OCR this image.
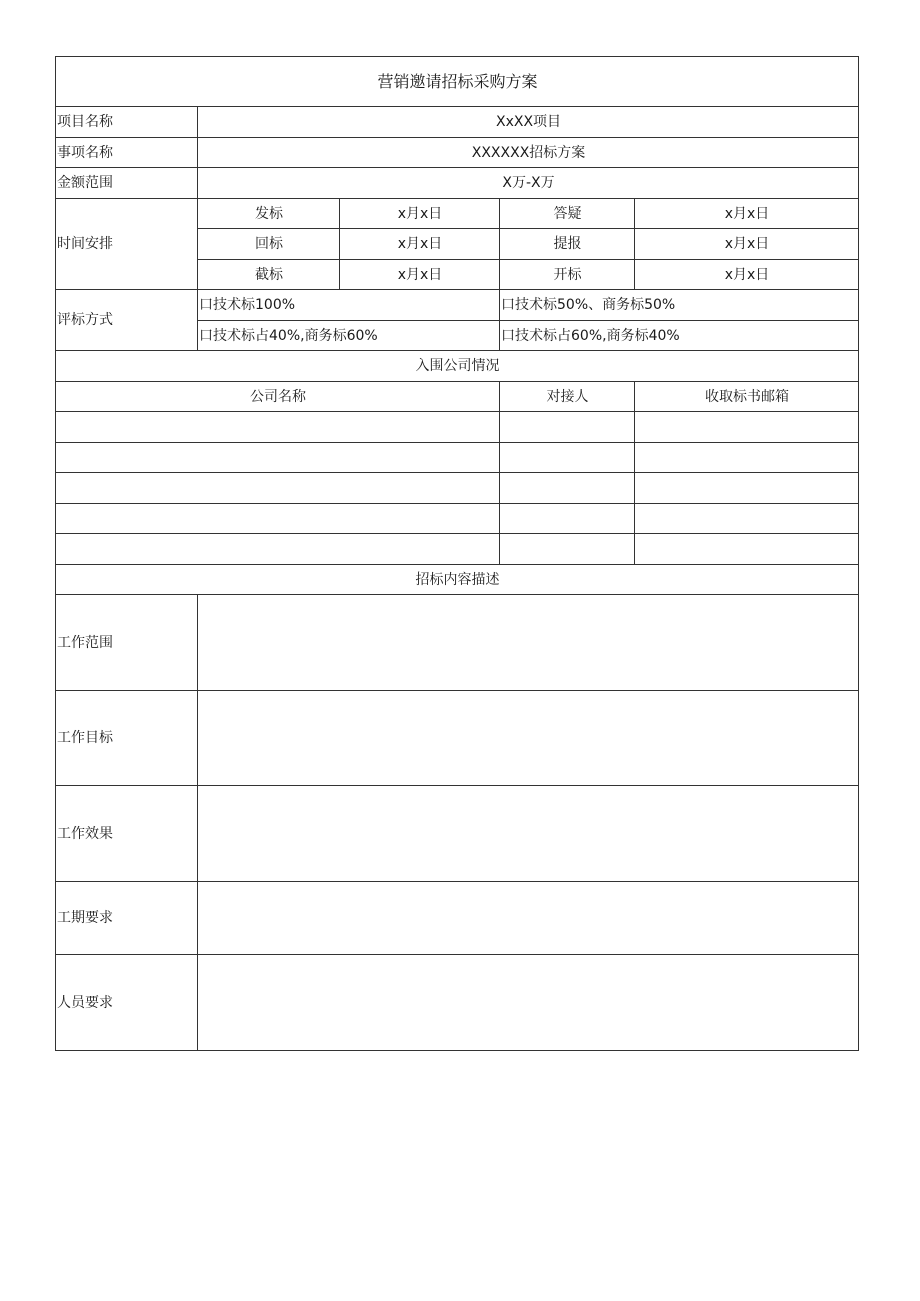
营销邀请招标采购方案				
项目名称	XxXX项目			
事项名称	XXXXXX招标方案			
金额范围	X万-X万			
时间安排	发标	x月x日	答疑	x月x日
	回标	x月x日	提报	x月x日
	截标	x月x日	开标	x月x日
评标方式	口技术标100%		口技术标50%、商务标50%	
	口技术标占40%,商务标60%		口技术标占60%,商务标40%	
入围公司情况				
公司名称			对接人	收取标书邮箱

招标内容描述				
工作范围				
工作目标				
工作效果				
工期要求				
人员要求				
